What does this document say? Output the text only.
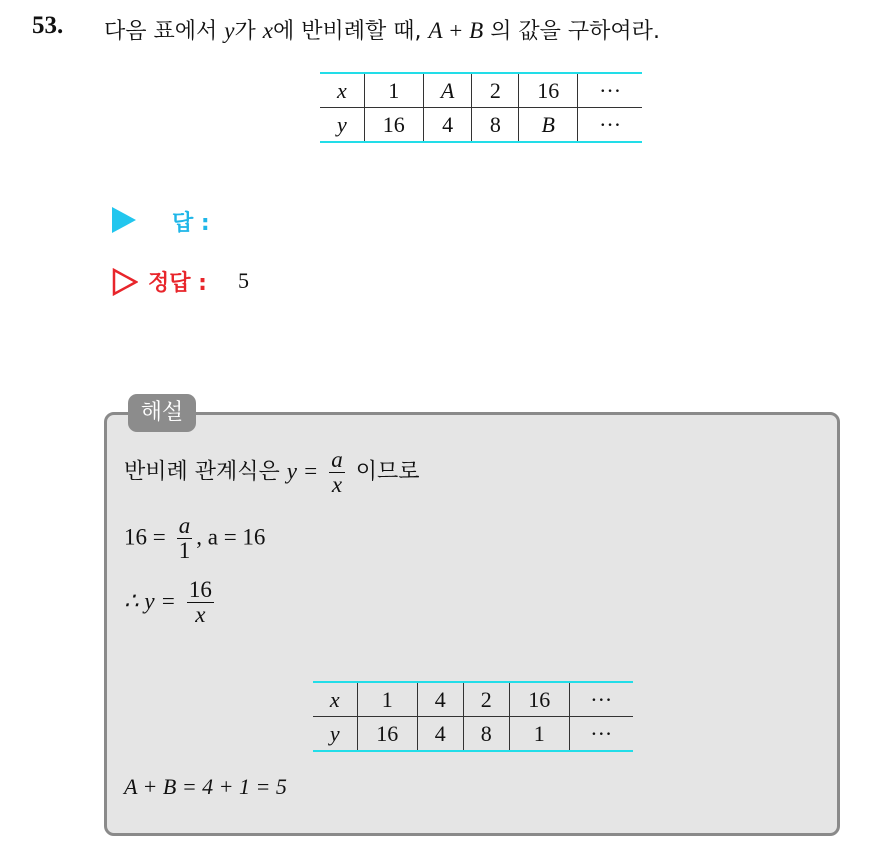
53. 다음 표에서 y가 x에 반비례할 때, A + B 의 값을 구하여라.
x	1	A	2	16	···
y	16	4	8	B	···
답 :
정답 : 5
해설
반비례 관계식은 $y = \frac{a}{x}$ 이므로
$16 = \frac{a}{1}$ , a = 16
∴ $y = \frac{16}{x}$
x	1	4	2	16	···
y	16	4	8	1	···
A + B = 4 + 1 = 5
